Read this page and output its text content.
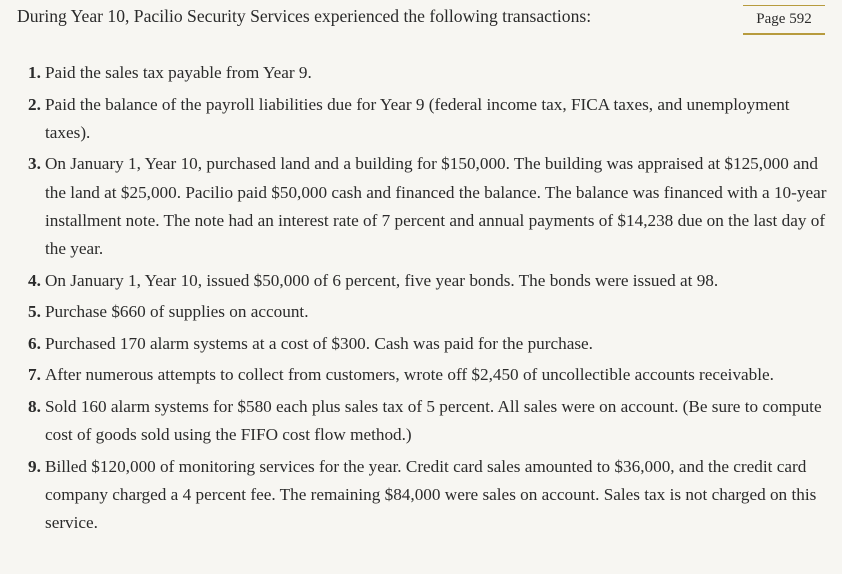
During Year 10, Pacilio Security Services experienced the following transactions:	Page 592
1. Paid the sales tax payable from Year 9.
2. Paid the balance of the payroll liabilities due for Year 9 (federal income tax, FICA taxes, and unemployment taxes).
3. On January 1, Year 10, purchased land and a building for $150,000. The building was appraised at $125,000 and the land at $25,000. Pacilio paid $50,000 cash and financed the balance. The balance was financed with a 10-year installment note. The note had an interest rate of 7 percent and annual payments of $14,238 due on the last day of the year.
4. On January 1, Year 10, issued $50,000 of 6 percent, five year bonds. The bonds were issued at 98.
5. Purchase $660 of supplies on account.
6. Purchased 170 alarm systems at a cost of $300. Cash was paid for the purchase.
7. After numerous attempts to collect from customers, wrote off $2,450 of uncollectible accounts receivable.
8. Sold 160 alarm systems for $580 each plus sales tax of 5 percent. All sales were on account. (Be sure to compute cost of goods sold using the FIFO cost flow method.)
9. Billed $120,000 of monitoring services for the year. Credit card sales amounted to $36,000, and the credit card company charged a 4 percent fee. The remaining $84,000 were sales on account. Sales tax is not charged on this service.
